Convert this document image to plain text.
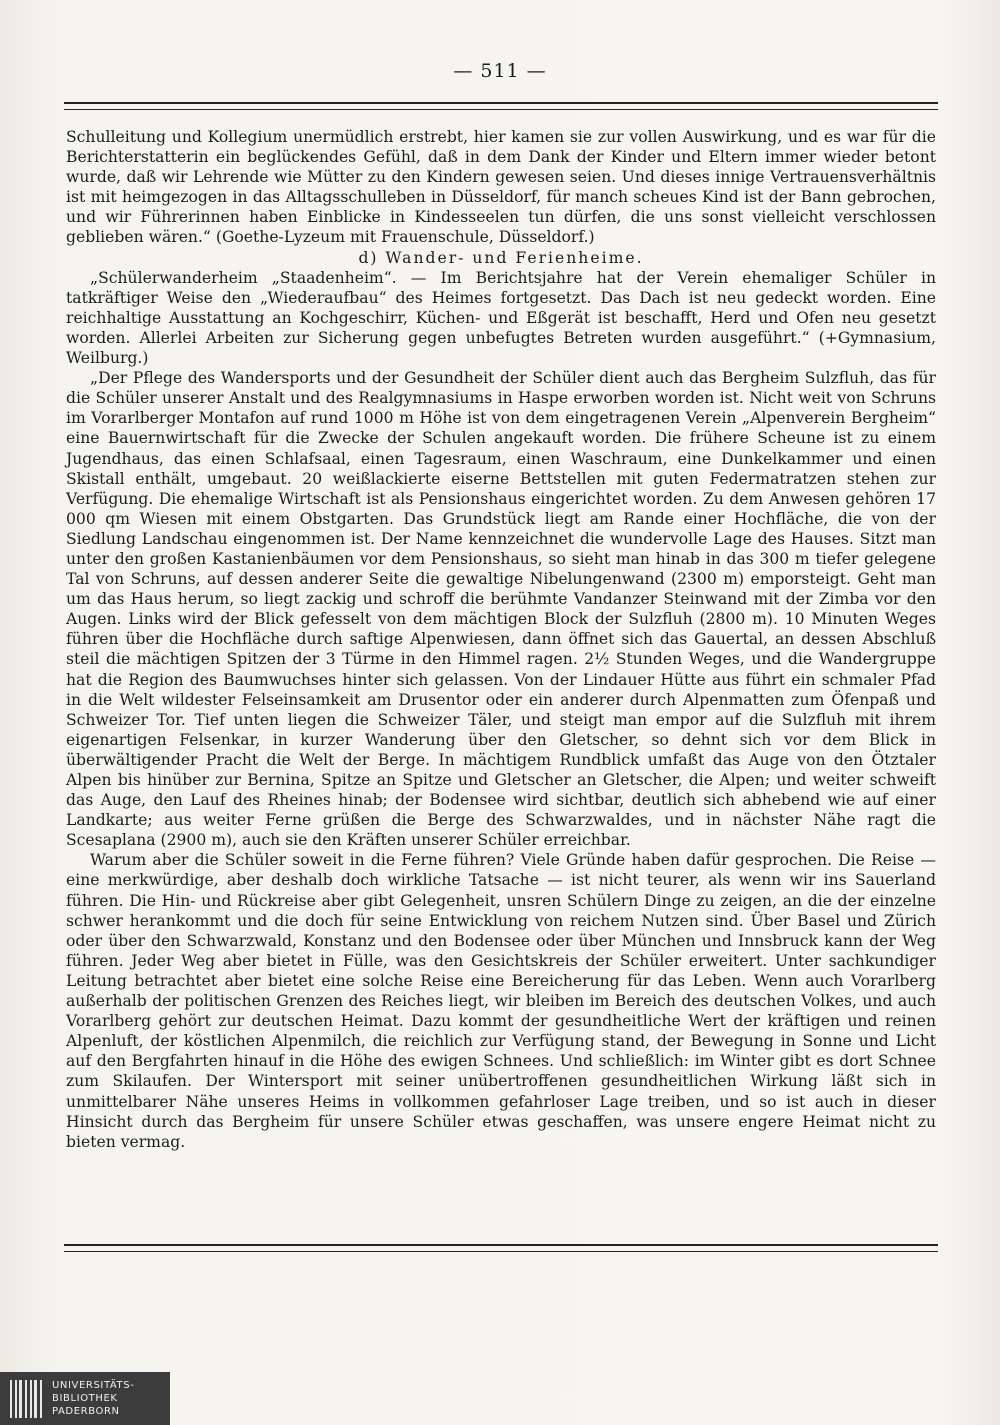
— 511 —

Schulleitung und Kollegium unermüdlich erstrebt, hier kamen sie zur vollen Auswirkung, und es war für die Berichterstatterin ein beglückendes Gefühl, daß in dem Dank der Kinder und Eltern immer wieder betont wurde, daß wir Lehrende wie Mütter zu den Kindern gewesen seien. Und dieses innige Vertrauensverhältnis ist mit heimgezogen in das Alltagsschulleben in Düsseldorf, für manch scheues Kind ist der Bann gebrochen, und wir Führerinnen haben Einblicke in Kindesseelen tun dürfen, die uns sonst vielleicht verschlossen geblieben wären.“ (Goethe-Lyzeum mit Frauenschule, Düsseldorf.)

d) Wander- und Ferienheime.

„Schülerwanderheim „Staadenheim“. — Im Berichtsjahre hat der Verein ehemaliger Schüler in tatkräftiger Weise den „Wiederaufbau“ des Heimes fortgesetzt. Das Dach ist neu gedeckt worden. Eine reichhaltige Ausstattung an Kochgeschirr, Küchen- und Eßgerät ist beschafft, Herd und Ofen neu gesetzt worden. Allerlei Arbeiten zur Sicherung gegen unbefugtes Betreten wurden ausgeführt.“ (+Gymnasium, Weilburg.)

„Der Pflege des Wandersports und der Gesundheit der Schüler dient auch das Bergheim Sulzfluh, das für die Schüler unserer Anstalt und des Realgymnasiums in Haspe erworben worden ist. Nicht weit von Schruns im Vorarlberger Montafon auf rund 1000 m Höhe ist von dem eingetragenen Verein „Alpenverein Bergheim“ eine Bauernwirtschaft für die Zwecke der Schulen angekauft worden. Die frühere Scheune ist zu einem Jugendhaus, das einen Schlafsaal, einen Tagesraum, einen Waschraum, eine Dunkelkammer und einen Skistall enthält, umgebaut. 20 weißlackierte eiserne Bettstellen mit guten Federmatratzen stehen zur Verfügung. Die ehemalige Wirtschaft ist als Pensionshaus eingerichtet worden. Zu dem Anwesen gehören 17 000 qm Wiesen mit einem Obstgarten. Das Grundstück liegt am Rande einer Hochfläche, die von der Siedlung Landschau eingenommen ist. Der Name kennzeichnet die wundervolle Lage des Hauses. Sitzt man unter den großen Kastanienbäumen vor dem Pensionshaus, so sieht man hinab in das 300 m tiefer gelegene Tal von Schruns, auf dessen anderer Seite die gewaltige Nibelungenwand (2300 m) emporsteigt. Geht man um das Haus herum, so liegt zackig und schroff die berühmte Vandanzer Steinwand mit der Zimba vor den Augen. Links wird der Blick gefesselt von dem mächtigen Block der Sulzfluh (2800 m). 10 Minuten Weges führen über die Hochfläche durch saftige Alpenwiesen, dann öffnet sich das Gauertal, an dessen Abschluß steil die mächtigen Spitzen der 3 Türme in den Himmel ragen. 2½ Stunden Weges, und die Wandergruppe hat die Region des Baumwuchses hinter sich gelassen. Von der Lindauer Hütte aus führt ein schmaler Pfad in die Welt wildester Felseinsamkeit am Drusentor oder ein anderer durch Alpenmatten zum Öfenpaß und Schweizer Tor. Tief unten liegen die Schweizer Täler, und steigt man empor auf die Sulzfluh mit ihrem eigenartigen Felsenkar, in kurzer Wanderung über den Gletscher, so dehnt sich vor dem Blick in überwältigender Pracht die Welt der Berge. In mächtigem Rundblick umfaßt das Auge von den Ötztaler Alpen bis hinüber zur Bernina, Spitze an Spitze und Gletscher an Gletscher, die Alpen; und weiter schweift das Auge, den Lauf des Rheines hinab; der Bodensee wird sichtbar, deutlich sich abhebend wie auf einer Landkarte; aus weiter Ferne grüßen die Berge des Schwarzwaldes, und in nächster Nähe ragt die Scesaplana (2900 m), auch sie den Kräften unserer Schüler erreichbar.

Warum aber die Schüler soweit in die Ferne führen? Viele Gründe haben dafür gesprochen. Die Reise — eine merkwürdige, aber deshalb doch wirkliche Tatsache — ist nicht teurer, als wenn wir ins Sauerland führen. Die Hin- und Rückreise aber gibt Gelegenheit, unsren Schülern Dinge zu zeigen, an die der einzelne schwer herankommt und die doch für seine Entwicklung von reichem Nutzen sind. Über Basel und Zürich oder über den Schwarzwald, Konstanz und den Bodensee oder über München und Innsbruck kann der Weg führen. Jeder Weg aber bietet in Fülle, was den Gesichtskreis der Schüler erweitert. Unter sachkundiger Leitung betrachtet aber bietet eine solche Reise eine Bereicherung für das Leben. Wenn auch Vorarlberg außerhalb der politischen Grenzen des Reiches liegt, wir bleiben im Bereich des deutschen Volkes, und auch Vorarlberg gehört zur deutschen Heimat. Dazu kommt der gesundheitliche Wert der kräftigen und reinen Alpenluft, der köstlichen Alpenmilch, die reichlich zur Verfügung stand, der Bewegung in Sonne und Licht auf den Bergfahrten hinauf in die Höhe des ewigen Schnees. Und schließlich: im Winter gibt es dort Schnee zum Skilaufen. Der Wintersport mit seiner unübertroffenen gesundheitlichen Wirkung läßt sich in unmittelbarer Nähe unseres Heims in vollkommen gefahrloser Lage treiben, und so ist auch in dieser Hinsicht durch das Bergheim für unsere Schüler etwas geschaffen, was unsere engere Heimat nicht zu bieten vermag.

UNIVERSITÄTS-
BIBLIOTHEK
PADERBORN
